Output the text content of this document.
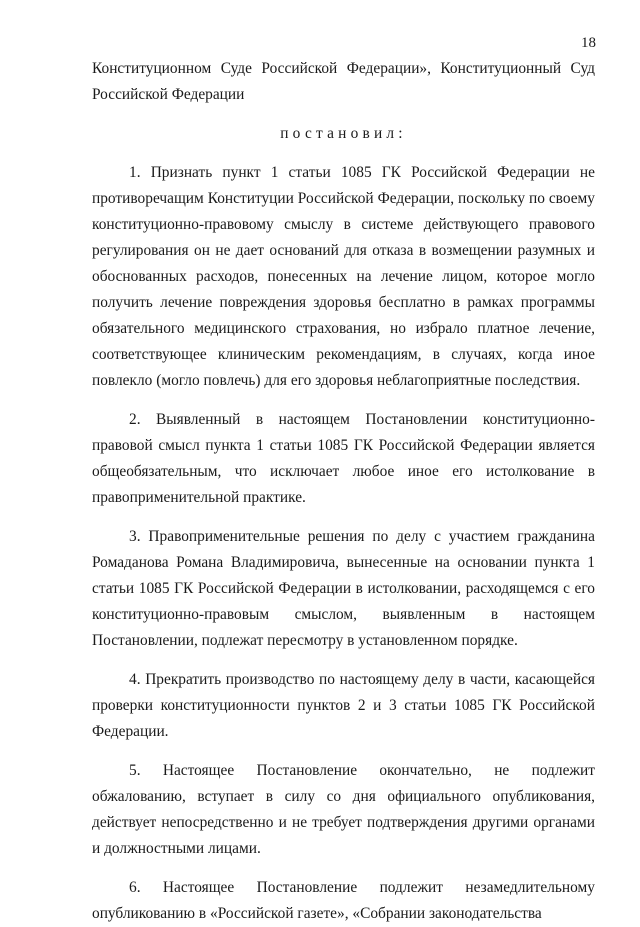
18

Конституционном Суде Российской Федерации», Конституционный Суд Российской Федерации

постановил:

1. Признать пункт 1 статьи 1085 ГК Российской Федерации не противоречащим Конституции Российской Федерации, поскольку по своему конституционно-правовому смыслу в системе действующего правового регулирования он не дает оснований для отказа в возмещении разумных и обоснованных расходов, понесенных на лечение лицом, которое могло получить лечение повреждения здоровья бесплатно в рамках программы обязательного медицинского страхования, но избрало платное лечение, соответствующее клиническим рекомендациям, в случаях, когда иное повлекло (могло повлечь) для его здоровья неблагоприятные последствия.

2. Выявленный в настоящем Постановлении конституционно-правовой смысл пункта 1 статьи 1085 ГК Российской Федерации является общеобязательным, что исключает любое иное его истолкование в правоприменительной практике.

3. Правоприменительные решения по делу с участием гражданина Ромаданова Романа Владимировича, вынесенные на основании пункта 1 статьи 1085 ГК Российской Федерации в истолковании, расходящемся с его конституционно-правовым смыслом, выявленным в настоящем Постановлении, подлежат пересмотру в установленном порядке.

4. Прекратить производство по настоящему делу в части, касающейся проверки конституционности пунктов 2 и 3 статьи 1085 ГК Российской Федерации.

5. Настоящее Постановление окончательно, не подлежит обжалованию, вступает в силу со дня официального опубликования, действует непосредственно и не требует подтверждения другими органами и должностными лицами.

6. Настоящее Постановление подлежит незамедлительному опубликованию в «Российской газете», «Собрании законодательства
